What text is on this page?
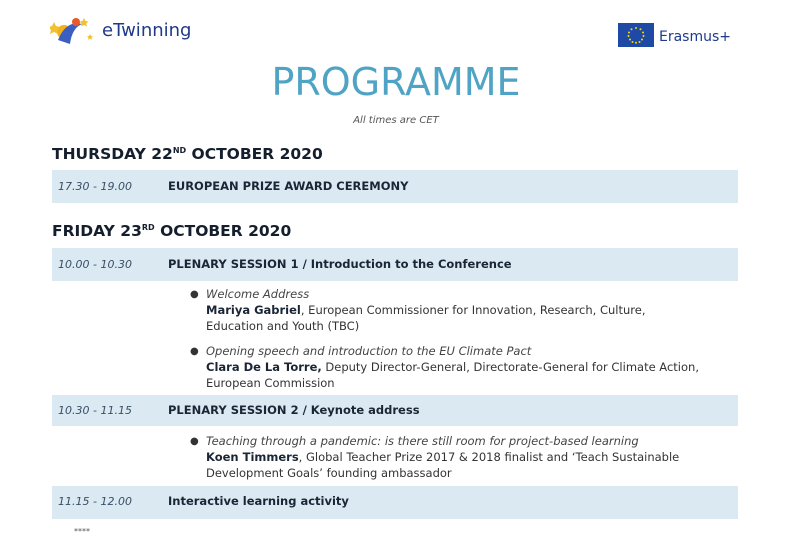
eTwinning	Erasmus+
PROGRAMME
All times are CET
THURSDAY 22ND OCTOBER 2020
17.30 - 19.00	EUROPEAN PRIZE AWARD CEREMONY
FRIDAY 23RD OCTOBER 2020
10.00 - 10.30	PLENARY SESSION 1 / Introduction to the Conference
● Welcome Address
Mariya Gabriel, European Commissioner for Innovation, Research, Culture,
Education and Youth (TBC)
● Opening speech and introduction to the EU Climate Pact
Clara De La Torre, Deputy Director-General, Directorate-General for Climate Action,
European Commission
10.30 - 11.15	PLENARY SESSION 2 / Keynote address
● Teaching through a pandemic: is there still room for project-based learning
Koen Timmers, Global Teacher Prize 2017 & 2018 finalist and ‘Teach Sustainable
Development Goals’ founding ambassador
11.15 - 12.00	Interactive learning activity
****
